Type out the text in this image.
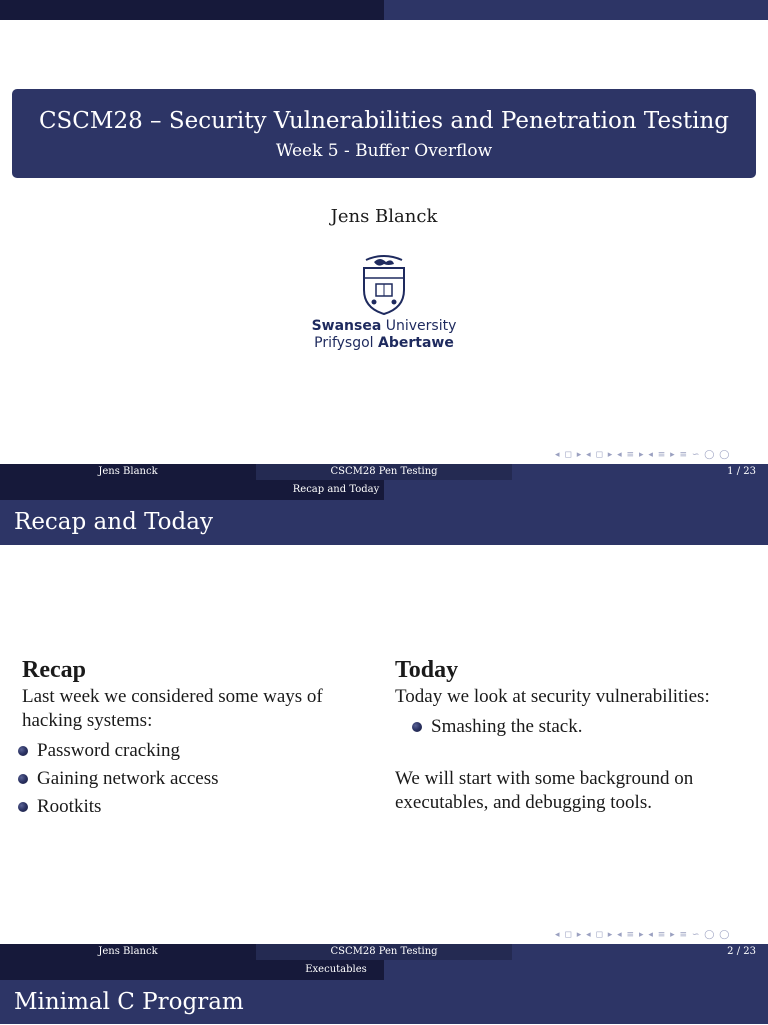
CSCM28 – Security Vulnerabilities and Penetration Testing
Week 5 - Buffer Overflow
Jens Blanck
Swansea University
Prifysgol Abertawe
◂ ◻ ▸ ◂ ◻ ▸ ◂ ≡ ▸ ◂ ≡ ▸ ≡ ∽ ◯ ◯
Jens Blanck	CSCM28 Pen Testing	1 / 23
Recap and Today
Recap and Today
Recap

Last week we considered some ways of hacking systems:

Password cracking
Gaining network access
Rootkits
Today

Today we look at security vulnerabilities:

Smashing the stack.

We will start with some background on executables, and debugging tools.

◂ ◻ ▸ ◂ ◻ ▸ ◂ ≡ ▸ ◂ ≡ ▸ ≡ ∽ ◯ ◯
Jens Blanck	CSCM28 Pen Testing	2 / 23
Executables
Minimal C Program
